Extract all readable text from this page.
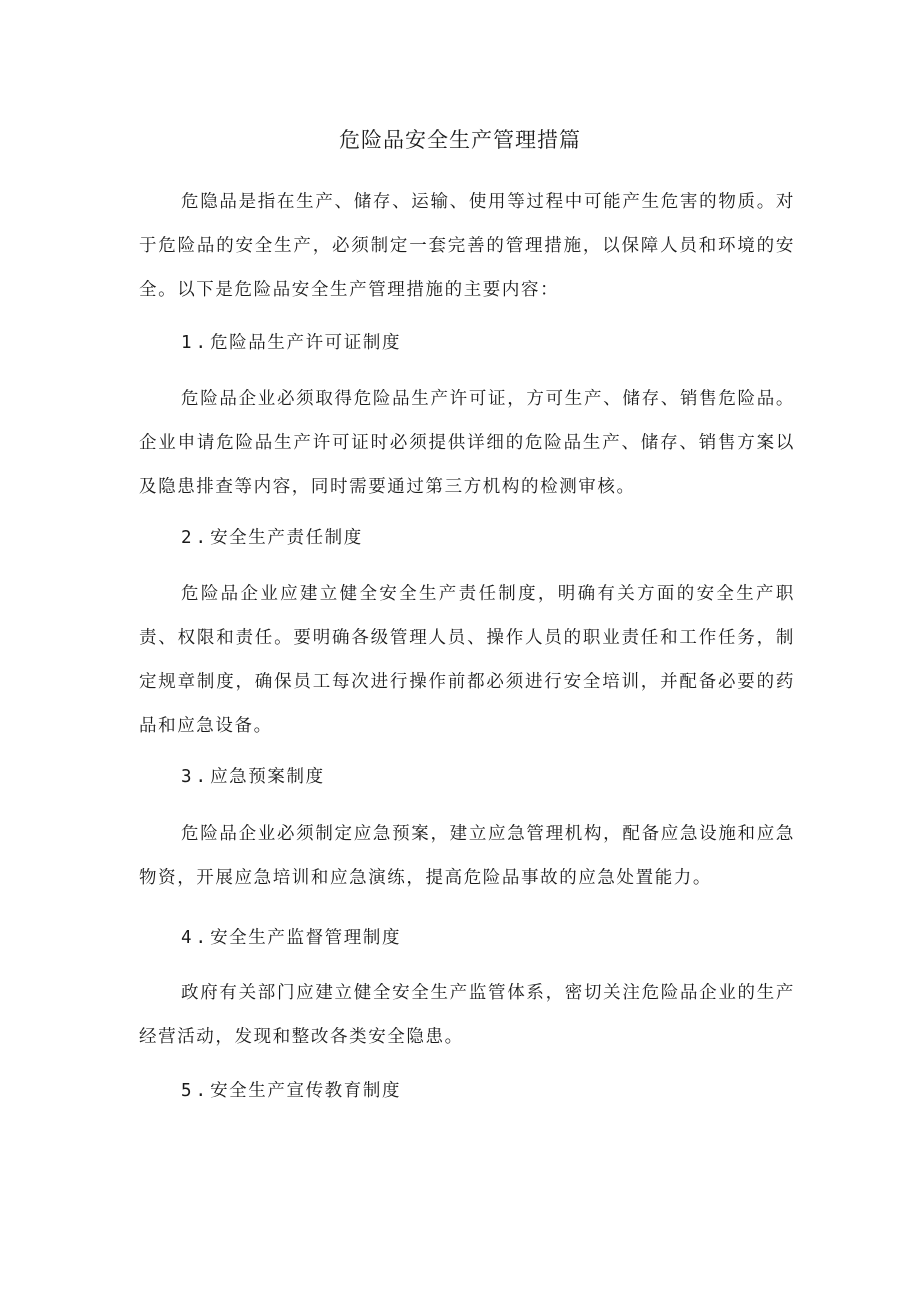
危险品安全生产管理措篇

危隐品是指在生产、储存、运输、使用等过程中可能产生危害的物质。对于危险品的安全生产，必须制定一套完善的管理措施，以保障人员和环境的安全。以下是危险品安全生产管理措施的主要内容：

1.危险品生产许可证制度

危险品企业必须取得危险品生产许可证，方可生产、储存、销售危险品。企业申请危险品生产许可证时必须提供详细的危险品生产、储存、销售方案以及隐患排查等内容，同时需要通过第三方机构的检测审核。

2.安全生产责任制度

危险品企业应建立健全安全生产责任制度，明确有关方面的安全生产职责、权限和责任。要明确各级管理人员、操作人员的职业责任和工作任务，制定规章制度，确保员工每次进行操作前都必须进行安全培训，并配备必要的药品和应急设备。

3.应急预案制度

危险品企业必须制定应急预案，建立应急管理机构，配备应急设施和应急物资，开展应急培训和应急演练，提高危险品事故的应急处置能力。

4.安全生产监督管理制度

政府有关部门应建立健全安全生产监管体系，密切关注危险品企业的生产经营活动，发现和整改各类安全隐患。

5.安全生产宣传教育制度
